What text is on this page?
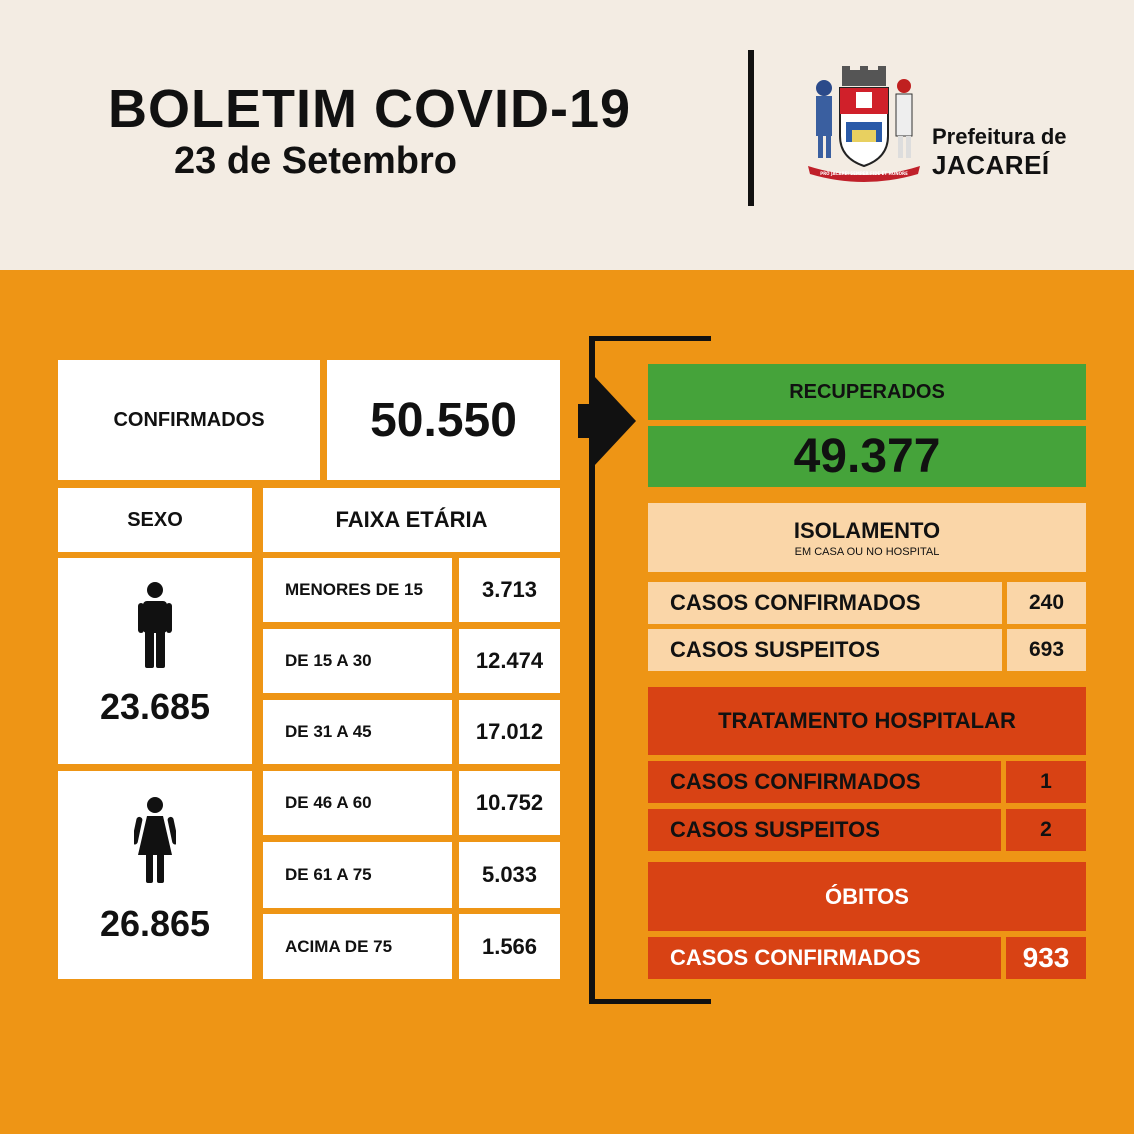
BOLETIM COVID-19
23 de Setembro	PRO JACAREI SEMPER FIDE ET HONORE
Prefeitura de
JACAREÍ
CONFIRMADOS	50.550
SEXO	FAIXA ETÁRIA
23.685
26.865
MENORES DE 15	3.713
DE 15 A 30	12.474
DE 31 A 45	17.012
DE 46 A 60	10.752
DE 61 A 75	5.033
ACIMA DE 75	1.566
RECUPERADOS
49.377
ISOLAMENTO
EM CASA OU NO HOSPITAL
CASOS CONFIRMADOS	240
CASOS SUSPEITOS	693
TRATAMENTO HOSPITALAR
CASOS CONFIRMADOS	1
CASOS SUSPEITOS	2
ÓBITOS
CASOS CONFIRMADOS	933
